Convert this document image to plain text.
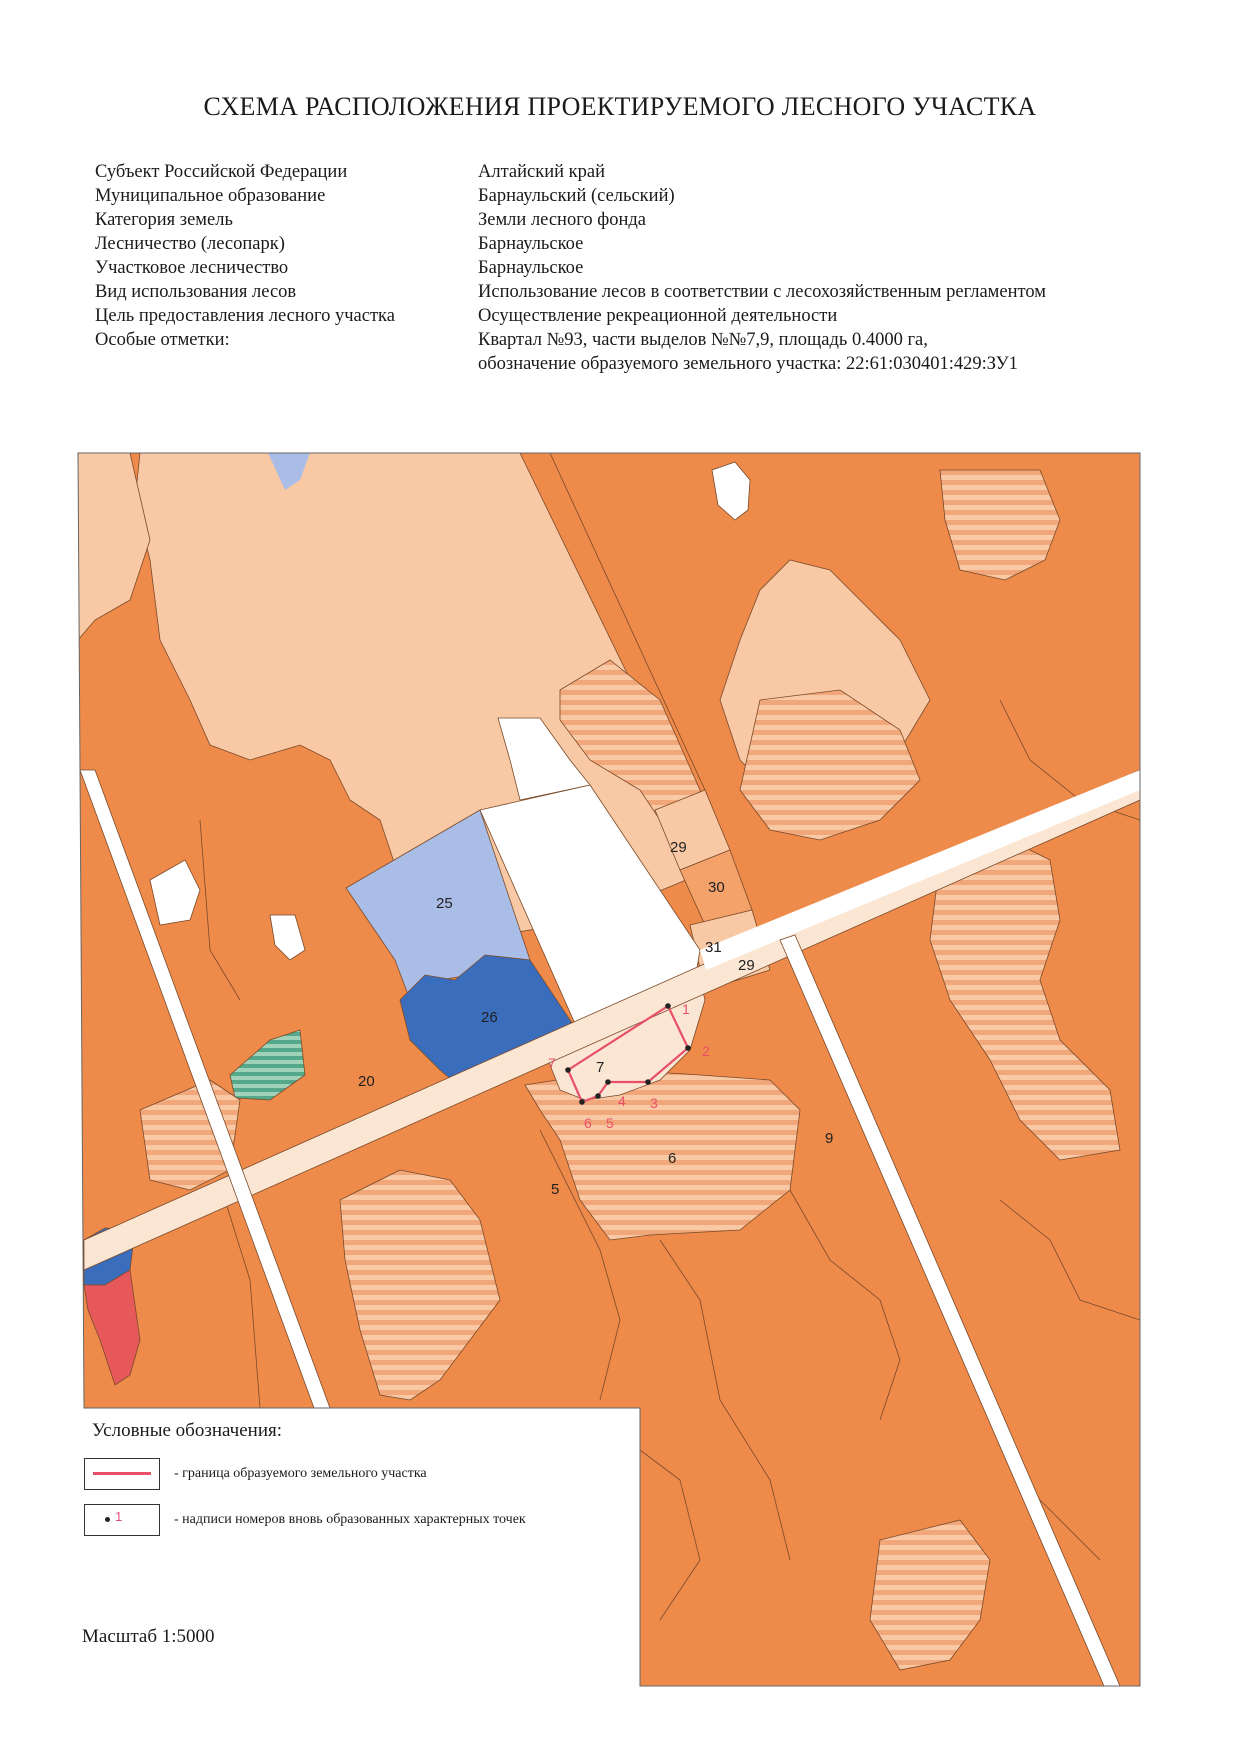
СХЕМА РАСПОЛОЖЕНИЯ ПРОЕКТИРУЕМОГО ЛЕСНОГО УЧАСТКА
Субъект Российской Федерации	Алтайский край
Муниципальное образование	Барнаульский (сельский)
Категория земель	Земли лесного фонда
Лесничество (лесопарк)	Барнаульское
Участковое лесничество	Барнаульское
Вид использования лесов	Использование лесов в соответствии с лесохозяйственным регламентом
Цель предоставления лесного участка	Осуществление рекреационной деятельности
Особые отметки:	Квартал №93, части выделов №№7,9, площадь 0.4000 га,
обозначение образуемого земельного участка: 22:61:030401:429:ЗУ1
25
26
20
29
30
31
29
7
6
5
9
1
2
3
4
5
6
7
Условные обозначения:
- граница образуемого земельного участка
1	- надписи номеров вновь образованных характерных точек
Масштаб 1:5000
